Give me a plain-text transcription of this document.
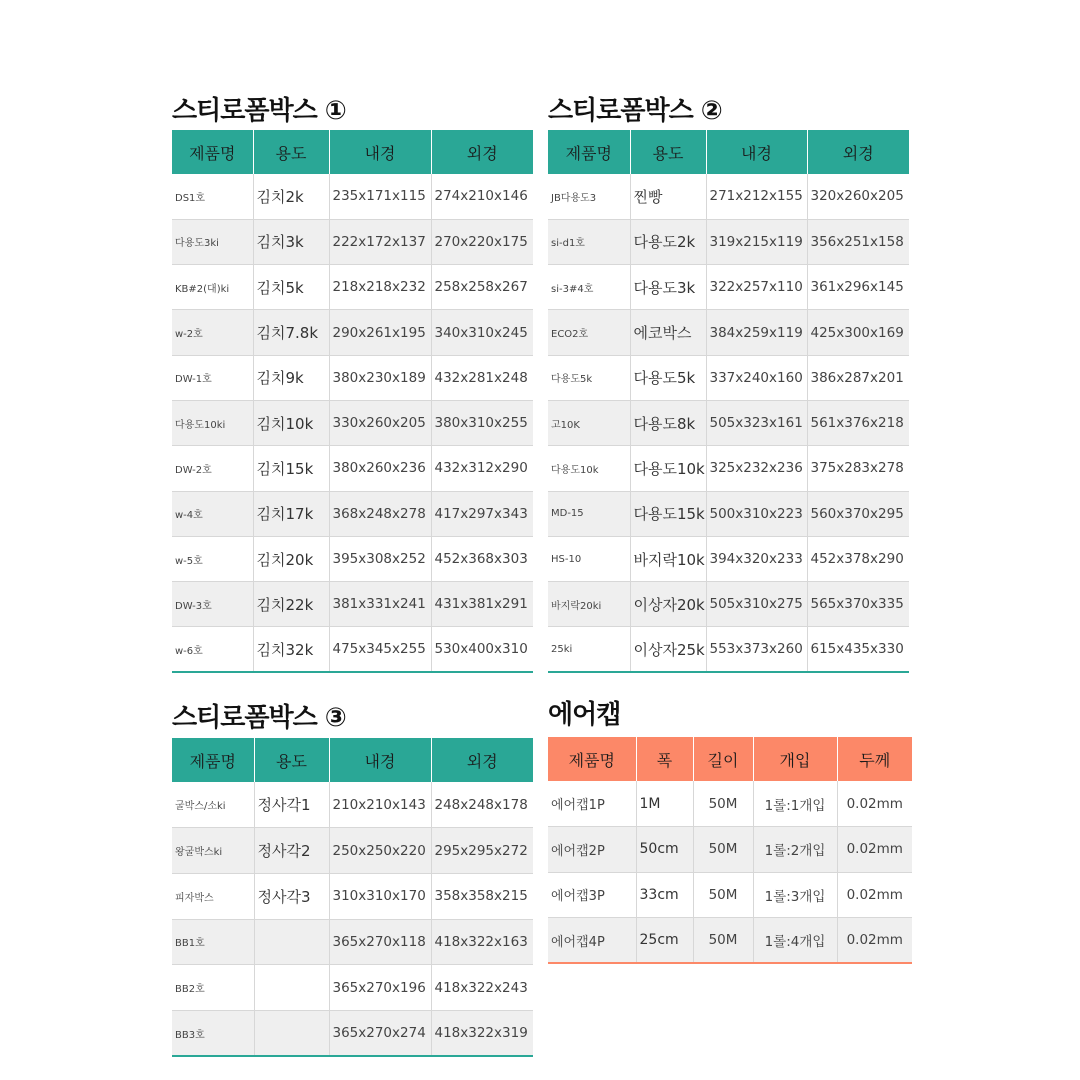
스티로폼박스 ①
제품명	용도	내경	외경
DS1호	김치2k	235x171x115	274x210x146
다용도3ki	김치3k	222x172x137	270x220x175
KB#2(대)ki	김치5k	218x218x232	258x258x267
w-2호	김치7.8k	290x261x195	340x310x245
DW-1호	김치9k	380x230x189	432x281x248
다용도10ki	김치10k	330x260x205	380x310x255
DW-2호	김치15k	380x260x236	432x312x290
w-4호	김치17k	368x248x278	417x297x343
w-5호	김치20k	395x308x252	452x368x303
DW-3호	김치22k	381x331x241	431x381x291
w-6호	김치32k	475x345x255	530x400x310
스티로폼박스 ②
제품명	용도	내경	외경
JB다용도3	찐빵	271x212x155	320x260x205
si-d1호	다용도2k	319x215x119	356x251x158
si-3#4호	다용도3k	322x257x110	361x296x145
ECO2호	에코박스	384x259x119	425x300x169
다용도5k	다용도5k	337x240x160	386x287x201
고10K	다용도8k	505x323x161	561x376x218
다용도10k	다용도10k	325x232x236	375x283x278
MD-15	다용도15k	500x310x223	560x370x295
HS-10	바지락10k	394x320x233	452x378x290
바지락20ki	이상자20k	505x310x275	565x370x335
25ki	이상자25k	553x373x260	615x435x330
스티로폼박스 ③
제품명	용도	내경	외경
굴박스/소ki	정사각1	210x210x143	248x248x178
왕굴박스ki	정사각2	250x250x220	295x295x272
피자박스	정사각3	310x310x170	358x358x215
BB1호		365x270x118	418x322x163
BB2호		365x270x196	418x322x243
BB3호		365x270x274	418x322x319
에어캡
제품명	폭	길이	개입	두께
에어캡1P	1M	50M	1롤:1개입	0.02mm
에어캡2P	50cm	50M	1롤:2개입	0.02mm
에어캡3P	33cm	50M	1롤:3개입	0.02mm
에어캡4P	25cm	50M	1롤:4개입	0.02mm
